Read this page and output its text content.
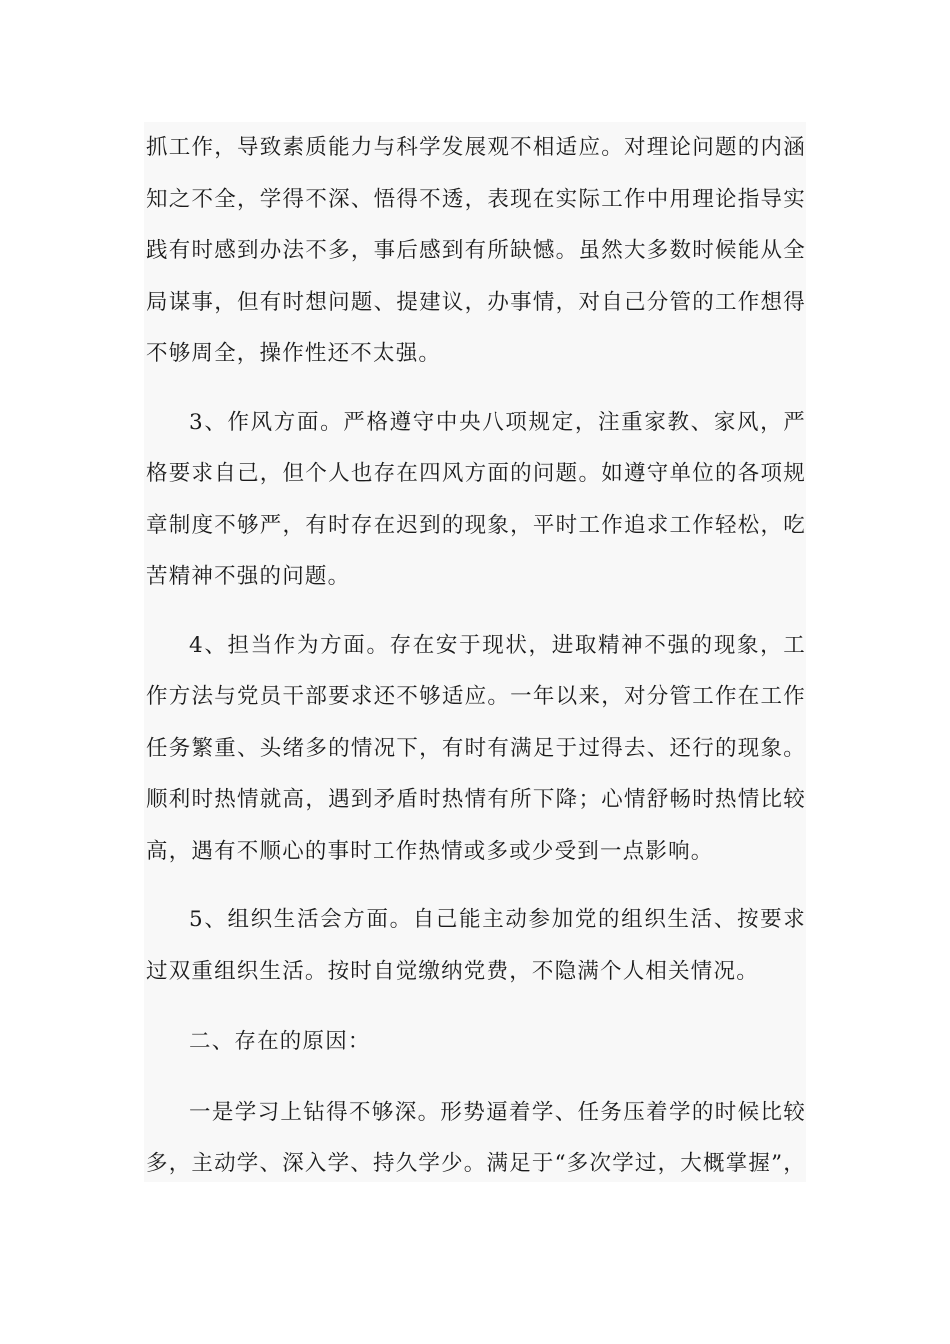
抓工作，导致素质能力与科学发展观不相适应。对理论问题的内涵知之不全，学得不深、悟得不透，表现在实际工作中用理论指导实践有时感到办法不多，事后感到有所缺憾。虽然大多数时候能从全局谋事，但有时想问题、提建议，办事情，对自己分管的工作想得不够周全，操作性还不太强。

3、作风方面。严格遵守中央八项规定，注重家教、家风，严格要求自己，但个人也存在四风方面的问题。如遵守单位的各项规章制度不够严，有时存在迟到的现象，平时工作追求工作轻松，吃苦精神不强的问题。

4、担当作为方面。存在安于现状，进取精神不强的现象，工作方法与党员干部要求还不够适应。一年以来，对分管工作在工作任务繁重、头绪多的情况下，有时有满足于过得去、还行的现象。顺利时热情就高，遇到矛盾时热情有所下降；心情舒畅时热情比较高，遇有不顺心的事时工作热情或多或少受到一点影响。

5、组织生活会方面。自己能主动参加党的组织生活、按要求过双重组织生活。按时自觉缴纳党费，不隐满个人相关情况。

二、存在的原因：

一是学习上钻得不够深。形势逼着学、任务压着学的时候比较多，主动学、深入学、持久学少。满足于“多次学过，大概掌握”，
